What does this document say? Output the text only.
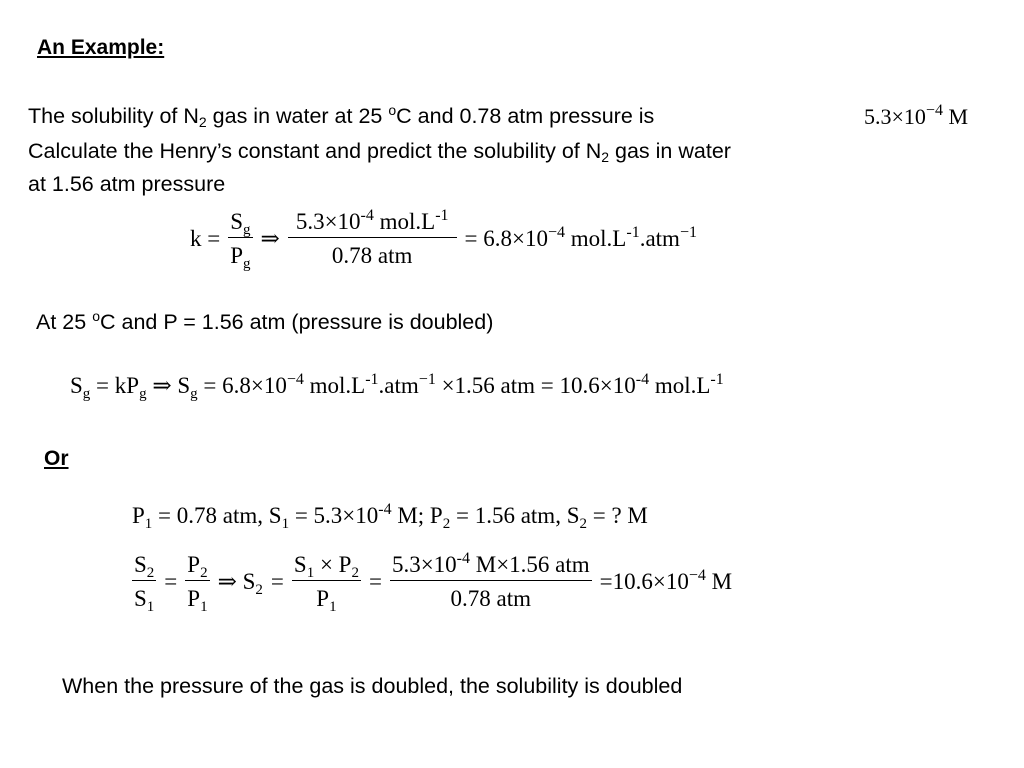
An Example:
The solubility of $N_2$ gas in water at 25 $^o$C and 0.78 atm pressure is	$5.3\times 10^{-4}$ M
Calculate the Henry’s constant and predict the solubility of $N_2$ gas in water
at 1.56 atm pressure
$k = \frac{S_g}{P_g}$ ⇒ $\frac{5.3\times 10^{-4} mol.L^{-1}}{\text{0.78 atm}} = 6.8\times 10^{-4}$ $mol.L^{-1}.atm^{-1}$
At 25 $^o$C and P = 1.56 atm (pressure is doubled)
$S_g = kP_g$ ⇒ $S_g = 6.8\times 10^{-4}$ $mol.L^{-1}.atm^{-1} \times 1.56$ atm = $10.6\times 10^{-4}$ $mol.L^{-1}$
Or
$P_1 = 0.78$ atm, $S_1 = 5.3\times 10^{-4}$ M; $P_2 = 1.56$ atm, $S_2$ = ? M
$\frac{S_2}{S_1} = \frac{P_2}{P_1}$ ⇒ $S_2 = \frac{S_1 \times P_2}{P_1} = \frac{5.3\times 10^{-4} M\times 1.56 atm}{\text{0.78 atm}} =10.6\times 10^{-4}$ M
When the pressure of the gas is doubled, the solubility is doubled
